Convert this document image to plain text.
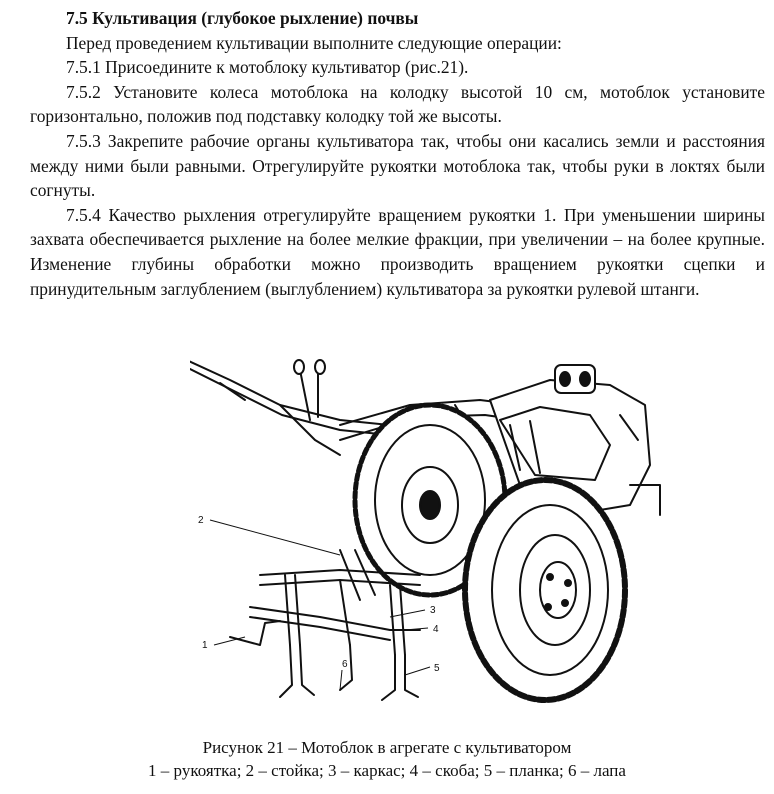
7.5 Культивация (глубокое рыхление) почвы

Перед проведением культивации выполните следующие операции:

7.5.1 Присоедините к мотоблоку культиватор (рис.21).

7.5.2 Установите колеса мотоблока на колодку высотой 10 см, мотоблок установите горизонтально, положив под подставку колодку той же высоты.

7.5.3 Закрепите рабочие органы культиватора так, чтобы они касались земли и расстояния между ними были равными. Отрегулируйте рукоятки мотоблока так, чтобы руки в локтях были согнуты.

7.5.4 Качество рыхления отрегулируйте вращением рукоятки 1. При уменьшении ширины захвата обеспечивается рыхление на более мелкие фракции, при увеличении – на более крупные. Изменение глубины обработки можно производить вращением рукоятки сцепки и принудительным заглублением (выглублением) культиватора за рукоятки рулевой штанги.

1
2
3
4
5
6
Рисунок 21 – Мотоблок в агрегате с культиватором
1 – рукоятка; 2 – стойка; 3 – каркас; 4 – скоба; 5 – планка; 6 – лапа
